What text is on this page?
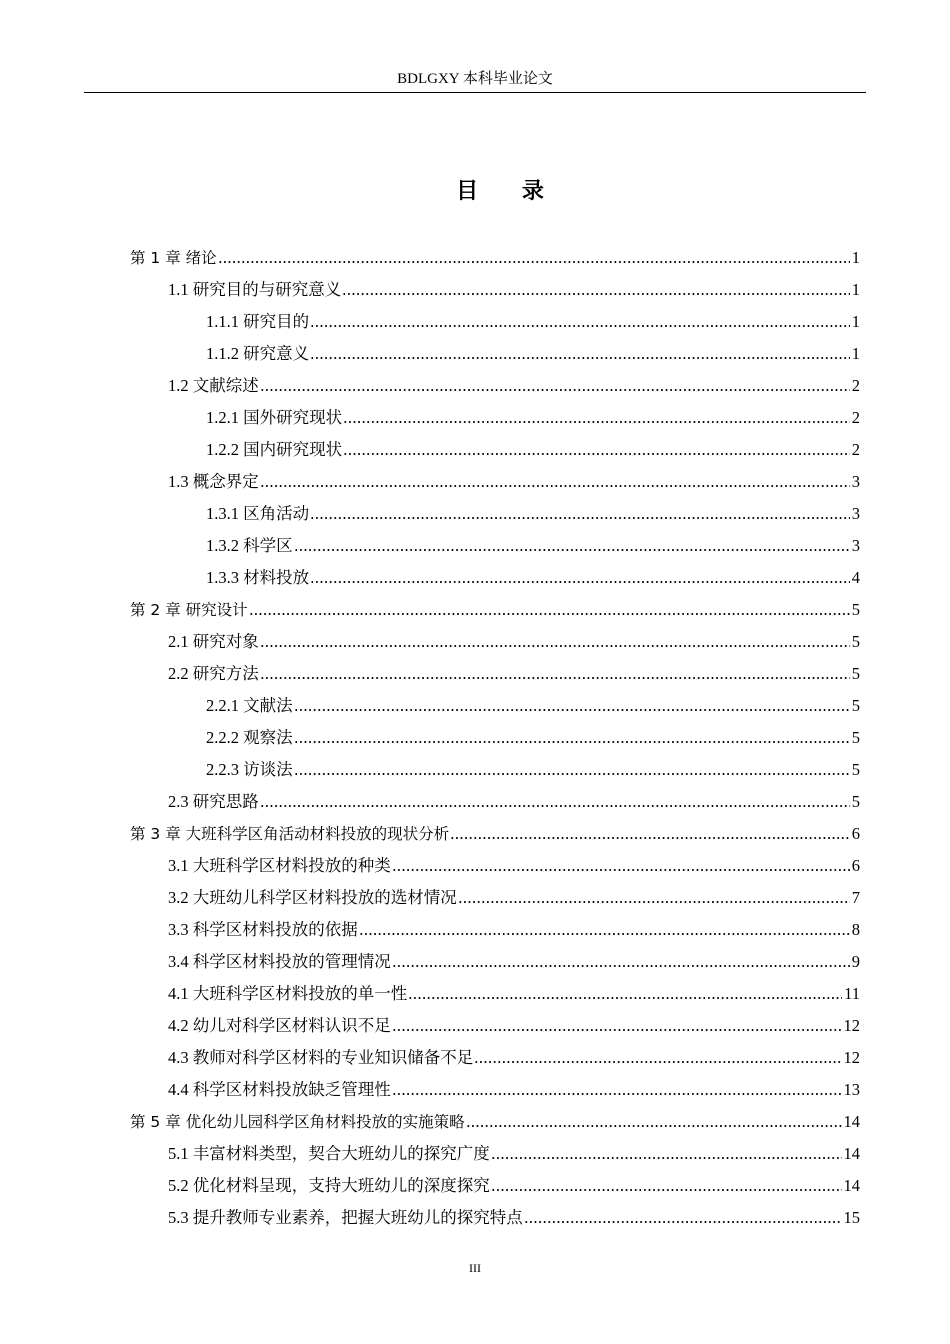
BDLGXY 本科毕业论文
目 录
第 1 章 绪论	1
1.1 研究目的与研究意义	1
1.1.1 研究目的	1
1.1.2 研究意义	1
1.2 文献综述	2
1.2.1 国外研究现状	2
1.2.2 国内研究现状	2
1.3 概念界定	3
1.3.1 区角活动	3
1.3.2 科学区	3
1.3.3 材料投放	4
第 2 章 研究设计	5
2.1 研究对象	5
2.2 研究方法	5
2.2.1 文献法	5
2.2.2 观察法	5
2.2.3 访谈法	5
2.3 研究思路	5
第 3 章 大班科学区角活动材料投放的现状分析	6
3.1 大班科学区材料投放的种类	6
3.2 大班幼儿科学区材料投放的选材情况	7
3.3 科学区材料投放的依据	8
3.4 科学区材料投放的管理情况	9
4.1 大班科学区材料投放的单一性	11
4.2 幼儿对科学区材料认识不足	12
4.3 教师对科学区材料的专业知识储备不足	12
4.4 科学区材料投放缺乏管理性	13
第 5 章 优化幼儿园科学区角材料投放的实施策略	14
5.1 丰富材料类型，契合大班幼儿的探究广度	14
5.2 优化材料呈现，支持大班幼儿的深度探究	14
5.3 提升教师专业素养，把握大班幼儿的探究特点	15
III
